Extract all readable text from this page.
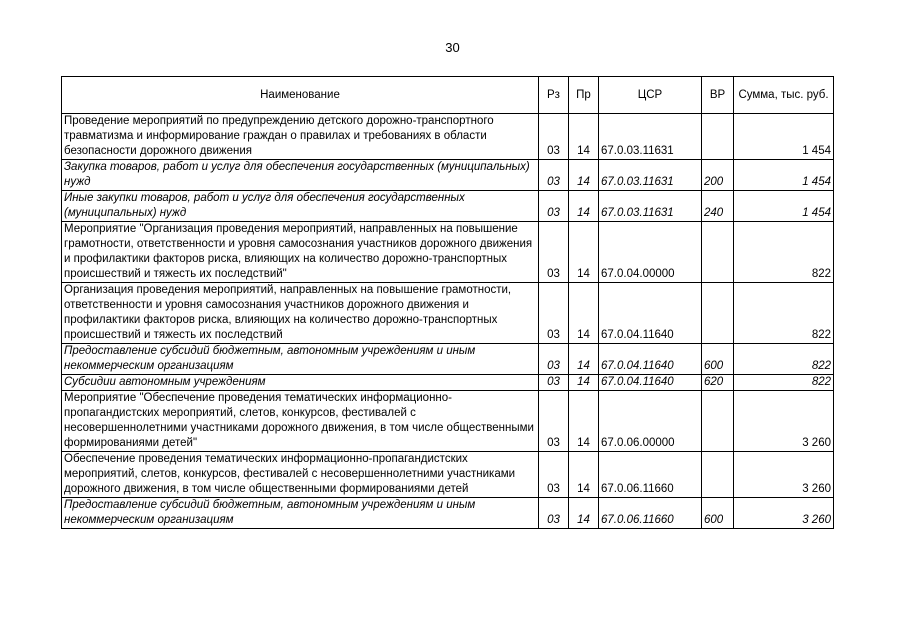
30
Наименование	Рз	Пр	ЦСР	ВР	Сумма, тыс. руб.
Проведение мероприятий по предупреждению детского дорожно-транспортного травматизма и информирование граждан о правилах и требованиях в области безопасности дорожного движения	03	14	67.0.03.11631		1 454
Закупка товаров, работ и услуг для обеспечения государственных (муниципальных) нужд	03	14	67.0.03.11631	200	1 454
Иные закупки товаров, работ и услуг для обеспечения государственных (муниципальных) нужд	03	14	67.0.03.11631	240	1 454
Мероприятие "Организация проведения мероприятий, направленных на повышение грамотности, ответственности и уровня самосознания участников дорожного движения и профилактики факторов риска, влияющих на количество дорожно-транспортных происшествий и тяжесть их последствий"	03	14	67.0.04.00000		822
Организация проведения мероприятий, направленных на повышение грамотности, ответственности и уровня самосознания участников дорожного движения и профилактики факторов риска, влияющих на количество дорожно-транспортных происшествий и тяжесть их последствий	03	14	67.0.04.11640		822
Предоставление субсидий бюджетным, автономным учреждениям и иным некоммерческим организациям	03	14	67.0.04.11640	600	822
Субсидии автономным учреждениям	03	14	67.0.04.11640	620	822
Мероприятие "Обеспечение проведения тематических информационно-пропагандистских мероприятий, слетов, конкурсов, фестивалей с несовершеннолетними участниками дорожного движения, в том числе общественными формированиями детей"	03	14	67.0.06.00000		3 260
Обеспечение проведения тематических информационно-пропагандистских мероприятий, слетов, конкурсов, фестивалей с несовершеннолетними участниками дорожного движения, в том числе общественными формированиями детей	03	14	67.0.06.11660		3 260
Предоставление субсидий бюджетным, автономным учреждениям и иным некоммерческим организациям	03	14	67.0.06.11660	600	3 260
